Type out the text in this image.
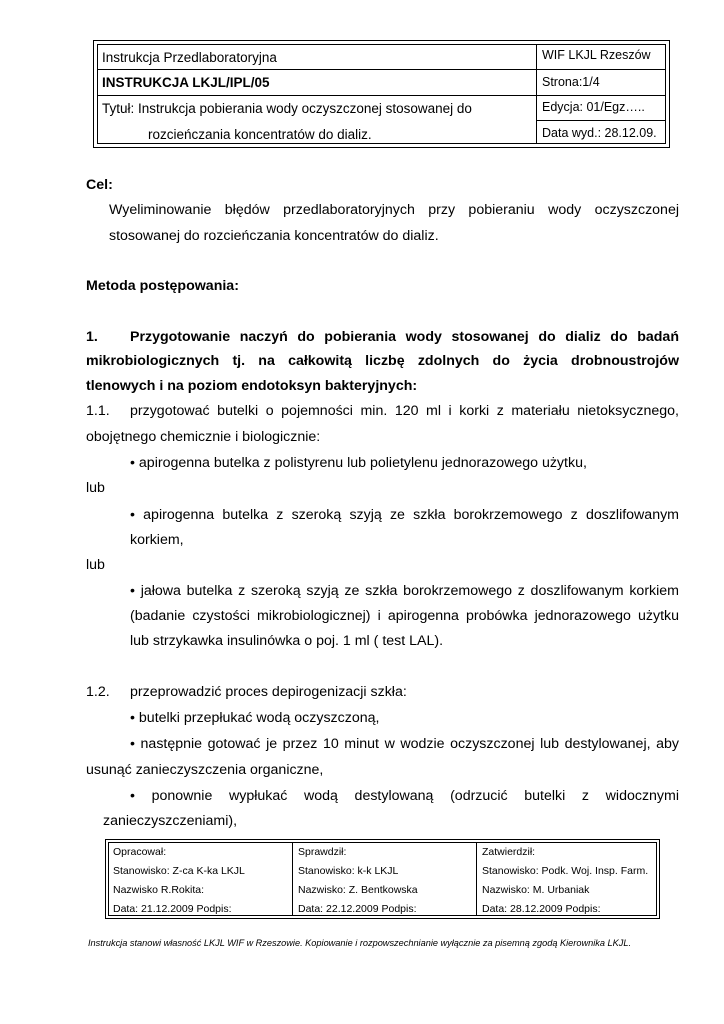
Instrukcja Przedlaboratoryjna
INSTRUKCJA LKJL/IPL/05
Tytuł: Instrukcja pobierania wody oczyszczonej stosowanej do
rozcieńczania koncentratów do dializ.
WIF LKJL Rzeszów
Strona:1/4
Edycja: 01/Egz…..
Data wyd.: 28.12.09.
Cel:
Wyeliminowanie błędów przedlaboratoryjnych przy pobieraniu wody oczyszczonej
stosowanej do rozcieńczania koncentratów do dializ.
Metoda postępowania:
1. Przygotowanie naczyń do pobierania wody stosowanej do dializ do badań
mikrobiologicznych tj. na całkowitą liczbę zdolnych do życia drobnoustrojów
tlenowych i na poziom endotoksyn bakteryjnych:
1.1. przygotować butelki o pojemności min. 120 ml i korki z materiału nietoksycznego,
obojętnego chemicznie i biologicznie:
• apirogenna butelka z polistyrenu lub polietylenu jednorazowego użytku,
lub
• apirogenna butelka z szeroką szyją ze szkła borokrzemowego z doszlifowanym
korkiem,
lub
• jałowa butelka z szeroką szyją ze szkła borokrzemowego z doszlifowanym korkiem
(badanie czystości mikrobiologicznej) i apirogenna probówka jednorazowego użytku
lub strzykawka insulinówka o poj. 1 ml ( test LAL).
1.2. przeprowadzić proces depirogenizacji szkła:
• butelki przepłukać wodą oczyszczoną,
• następnie gotować je przez 10 minut w wodzie oczyszczonej lub destylowanej, aby
usunąć zanieczyszczenia organiczne,
• ponownie wypłukać wodą destylowaną (odrzucić butelki z widocznymi
zanieczyszczeniami),
Opracował:
Stanowisko: Z-ca K-ka LKJL
Nazwisko R.Rokita:
Data: 21.12.2009 Podpis:
Sprawdził:
Stanowisko: k-k LKJL
Nazwisko: Z. Bentkowska
Data: 22.12.2009 Podpis:
Zatwierdził:
Stanowisko: Podk. Woj. Insp. Farm.
Nazwisko: M. Urbaniak
Data: 28.12.2009 Podpis:
Instrukcja stanowi własność LKJL WIF w Rzeszowie. Kopiowanie i rozpowszechnianie wyłącznie za pisemną zgodą Kierownika LKJL.
